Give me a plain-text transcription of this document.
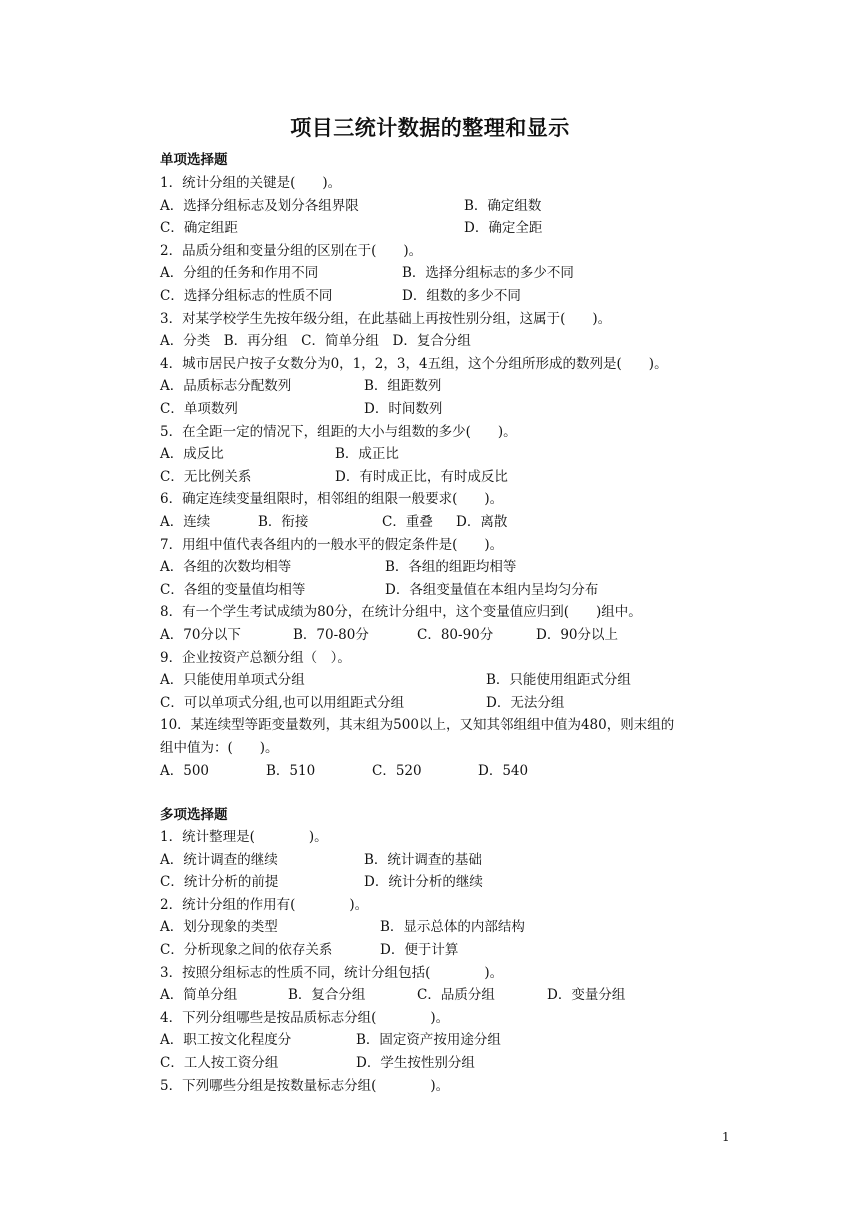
项目三统计数据的整理和显示
单项选择题
1．统计分组的关键是(　　)。
A．选择分组标志及划分各组界限	B．确定组数
C．确定组距	D．确定全距
2．品质分组和变量分组的区别在于(　　)。
A．分组的任务和作用不同	B．选择分组标志的多少不同
C．选择分组标志的性质不同	D．组数的多少不同
3．对某学校学生先按年级分组，在此基础上再按性别分组，这属于(　　)。
A．分类　B．再分组　C．简单分组　D．复合分组
4．城市居民户按子女数分为0，1，2，3，4五组，这个分组所形成的数列是(　　)。
A．品质标志分配数列	B．组距数列
C．单项数列	D．时间数列
5．在全距一定的情况下，组距的大小与组数的多少(　　)。
A．成反比	B．成正比
C．无比例关系	D．有时成正比，有时成反比
6．确定连续变量组限时，相邻组的组限一般要求(　　)。
A．连续	B．衔接	C．重叠 D．离散
7．用组中值代表各组内的一般水平的假定条件是(　　)。
A．各组的次数均相等	B．各组的组距均相等
C．各组的变量值均相等	D．各组变量值在本组内呈均匀分布
8．有一个学生考试成绩为80分，在统计分组中，这个变量值应归到(　　)组中。
A．70分以下	B．70-80分	C．80-90分	D．90分以上
9．企业按资产总额分组（　）。
A．只能使用单项式分组	B．只能使用组距式分组
C．可以单项式分组,也可以用组距式分组	D．无法分组
10．某连续型等距变量数列，其末组为500以上，又知其邻组组中值为480，则末组的
组中值为：(　　)。
A．500	B．510	C．520	D．540
多项选择题
1．统计整理是(　　　　)。
A．统计调查的继续	B．统计调查的基础
C．统计分析的前提	D．统计分析的继续
2．统计分组的作用有(　　　　)。
A．划分现象的类型	B．显示总体的内部结构
C．分析现象之间的依存关系	D．便于计算
3．按照分组标志的性质不同，统计分组包括(　　　　)。
A．简单分组	B．复合分组	C．品质分组	D．变量分组
4．下列分组哪些是按品质标志分组(　　　　)。
A．职工按文化程度分	B．固定资产按用途分组
C．工人按工资分组	D．学生按性别分组
5．下列哪些分组是按数量标志分组(　　　　)。
1
